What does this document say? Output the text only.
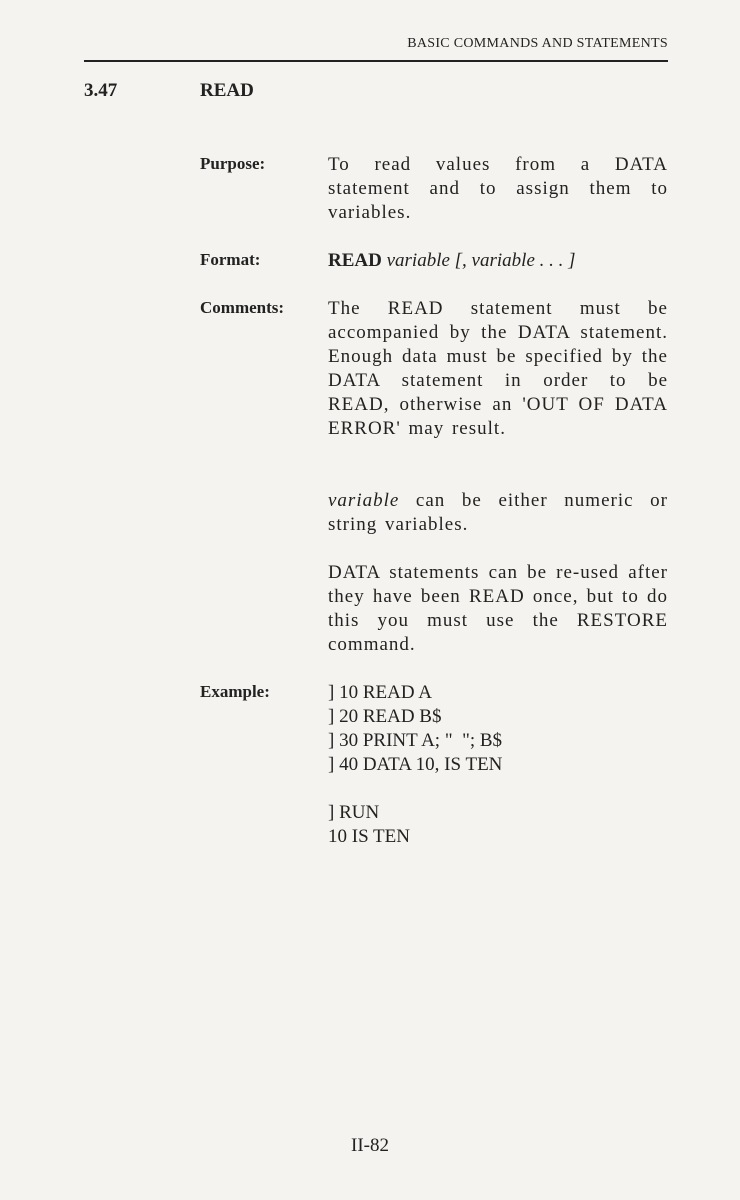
BASIC COMMANDS AND STATEMENTS
3.47	READ
Purpose:	To read values from a DATA statement and to assign them to variables.
Format:	READ variable [, variable . . . ]
Comments: The READ statement must be accompanied by the DATA statement. Enough data must be specified by the DATA statement in order to be READ, otherwise an 'OUT OF DATA ERROR' may result.
variable can be either numeric or string variables.
DATA statements can be re-used after they have been READ once, but to do this you must use the RESTORE command.
Example:	] 10 READ A
] 20 READ B$
] 30 PRINT A; "  "; B$
] 40 DATA 10, IS TEN
] RUN
10 IS TEN
II-82
